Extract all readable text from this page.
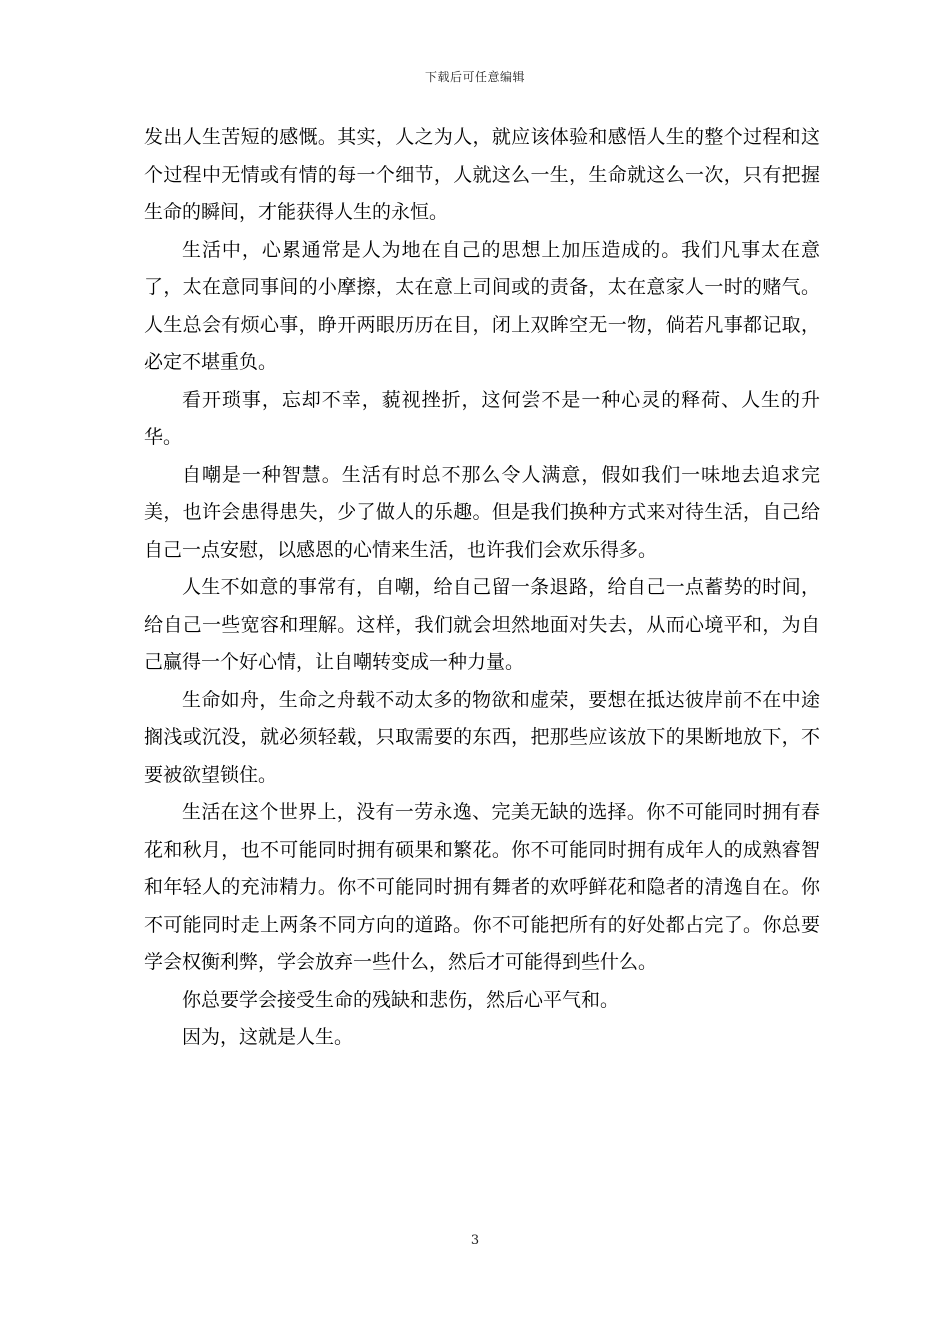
下载后可任意编辑

发出人生苦短的感慨。其实，人之为人，就应该体验和感悟人生的整个过程和这个过程中无情或有情的每一个细节，人就这么一生，生命就这么一次，只有把握生命的瞬间，才能获得人生的永恒。

生活中，心累通常是人为地在自己的思想上加压造成的。我们凡事太在意了，太在意同事间的小摩擦，太在意上司间或的责备，太在意家人一时的赌气。人生总会有烦心事，睁开两眼历历在目，闭上双眸空无一物，倘若凡事都记取，必定不堪重负。

看开琐事，忘却不幸，藐视挫折，这何尝不是一种心灵的释荷、人生的升华。

自嘲是一种智慧。生活有时总不那么令人满意，假如我们一味地去追求完美，也许会患得患失，少了做人的乐趣。但是我们换种方式来对待生活，自己给自己一点安慰，以感恩的心情来生活，也许我们会欢乐得多。

人生不如意的事常有，自嘲，给自己留一条退路，给自己一点蓄势的时间，给自己一些宽容和理解。这样，我们就会坦然地面对失去，从而心境平和，为自己赢得一个好心情，让自嘲转变成一种力量。

生命如舟，生命之舟载不动太多的物欲和虚荣，要想在抵达彼岸前不在中途搁浅或沉没，就必须轻载，只取需要的东西，把那些应该放下的果断地放下，不要被欲望锁住。

生活在这个世界上，没有一劳永逸、完美无缺的选择。你不可能同时拥有春花和秋月，也不可能同时拥有硕果和繁花。你不可能同时拥有成年人的成熟睿智和年轻人的充沛精力。你不可能同时拥有舞者的欢呼鲜花和隐者的清逸自在。你不可能同时走上两条不同方向的道路。你不可能把所有的好处都占完了。你总要学会权衡利弊，学会放弃一些什么，然后才可能得到些什么。

你总要学会接受生命的残缺和悲伤，然后心平气和。

因为，这就是人生。

3
